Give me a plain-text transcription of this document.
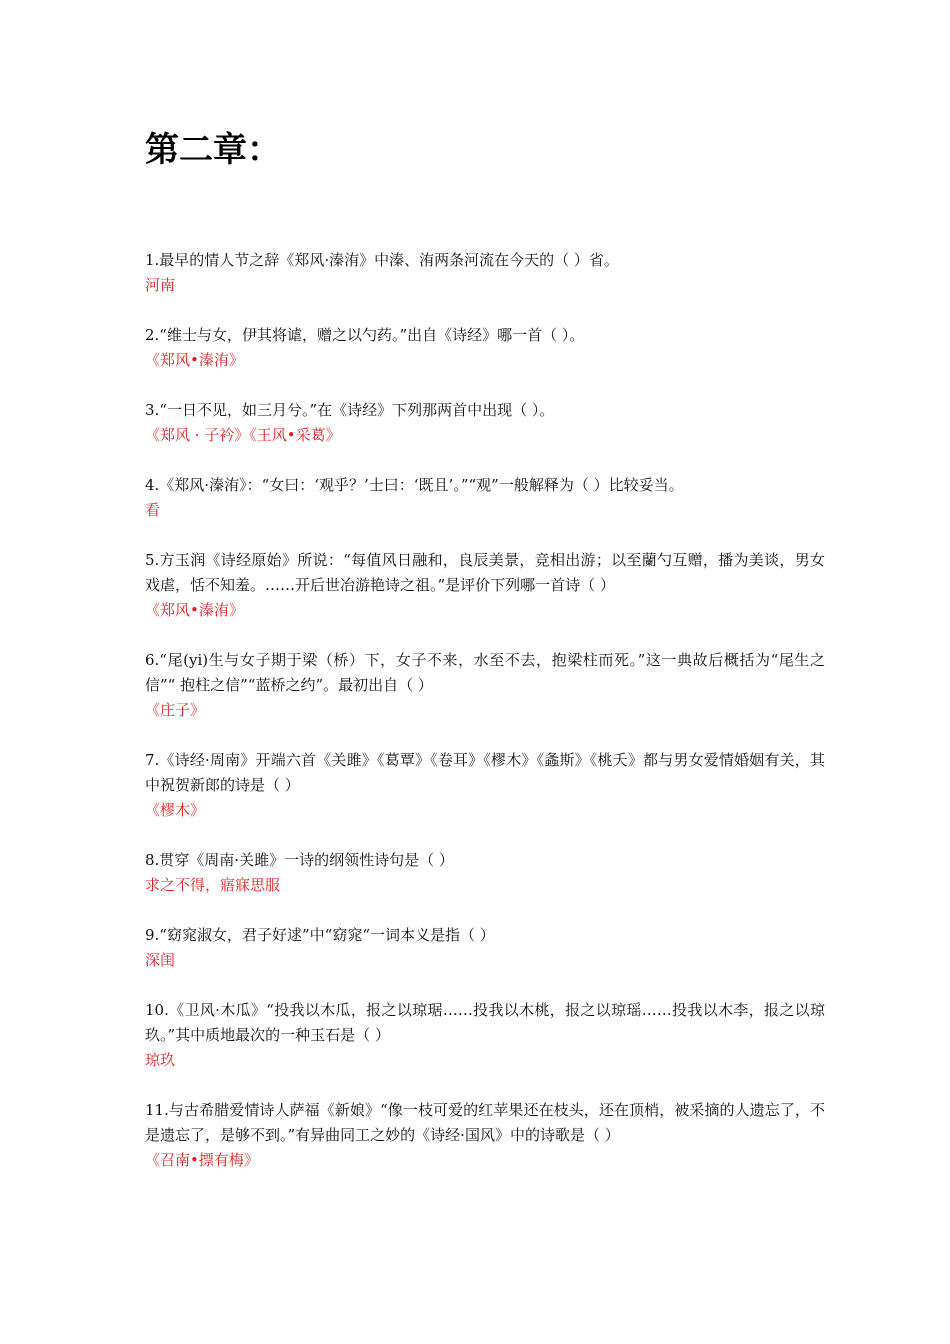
第二章：
1.最早的情人节之辞《郑风·溱洧》中溱、洧两条河流在今天的（ ）省。
河南
2.“维士与女，伊其将谑，赠之以勺药。”出自《诗经》哪一首（ ）。
《郑风•溱洧》
3.“一日不见，如三月兮。”在《诗经》下列那两首中出现（ ）。
《郑风 · 子衿》《王风•采葛》
4.《郑风·溱洧》：“女曰：‘观乎？’士曰：‘既且’。”“观”一般解释为（ ）比较妥当。
看
5.方玉润《诗经原始》所说：“每值风日融和，良辰美景，竞相出游；以至蘭勺互赠，播为美谈，男女戏虐，恬不知羞。……开后世冶游艳诗之祖。”是评价下列哪一首诗（ ）
《郑风•溱洧》
6.“尾(yi)生与女子期于梁（桥）下，女子不来，水至不去，抱梁柱而死。”这一典故后概括为“尾生之信”“ 抱柱之信”“蓝桥之约”。最初出自（ ）
《庄子》
7.《诗经·周南》开端六首《关雎》《葛覃》《卷耳》《樛木》《螽斯》《桃夭》都与男女爱情婚姻有关，其中祝贺新郎的诗是（ ）
《樛木》
8.贯穿《周南·关雎》一诗的纲领性诗句是（ ）
求之不得，寤寐思服
9.“窈窕淑女，君子好逑”中“窈窕“一词本义是指（ ）
深闺
10.《卫风·木瓜》“投我以木瓜，报之以琼琚……投我以木桃，报之以琼瑶……投我以木李，报之以琼玖。”其中质地最次的一种玉石是（ ）
琼玖
11.与古希腊爱情诗人萨福《新娘》“像一枝可爱的红苹果还在枝头，还在顶梢，被采摘的人遗忘了，不是遗忘了，是够不到。”有异曲同工之妙的《诗经·国风》中的诗歌是（ ）
《召南•摽有梅》
